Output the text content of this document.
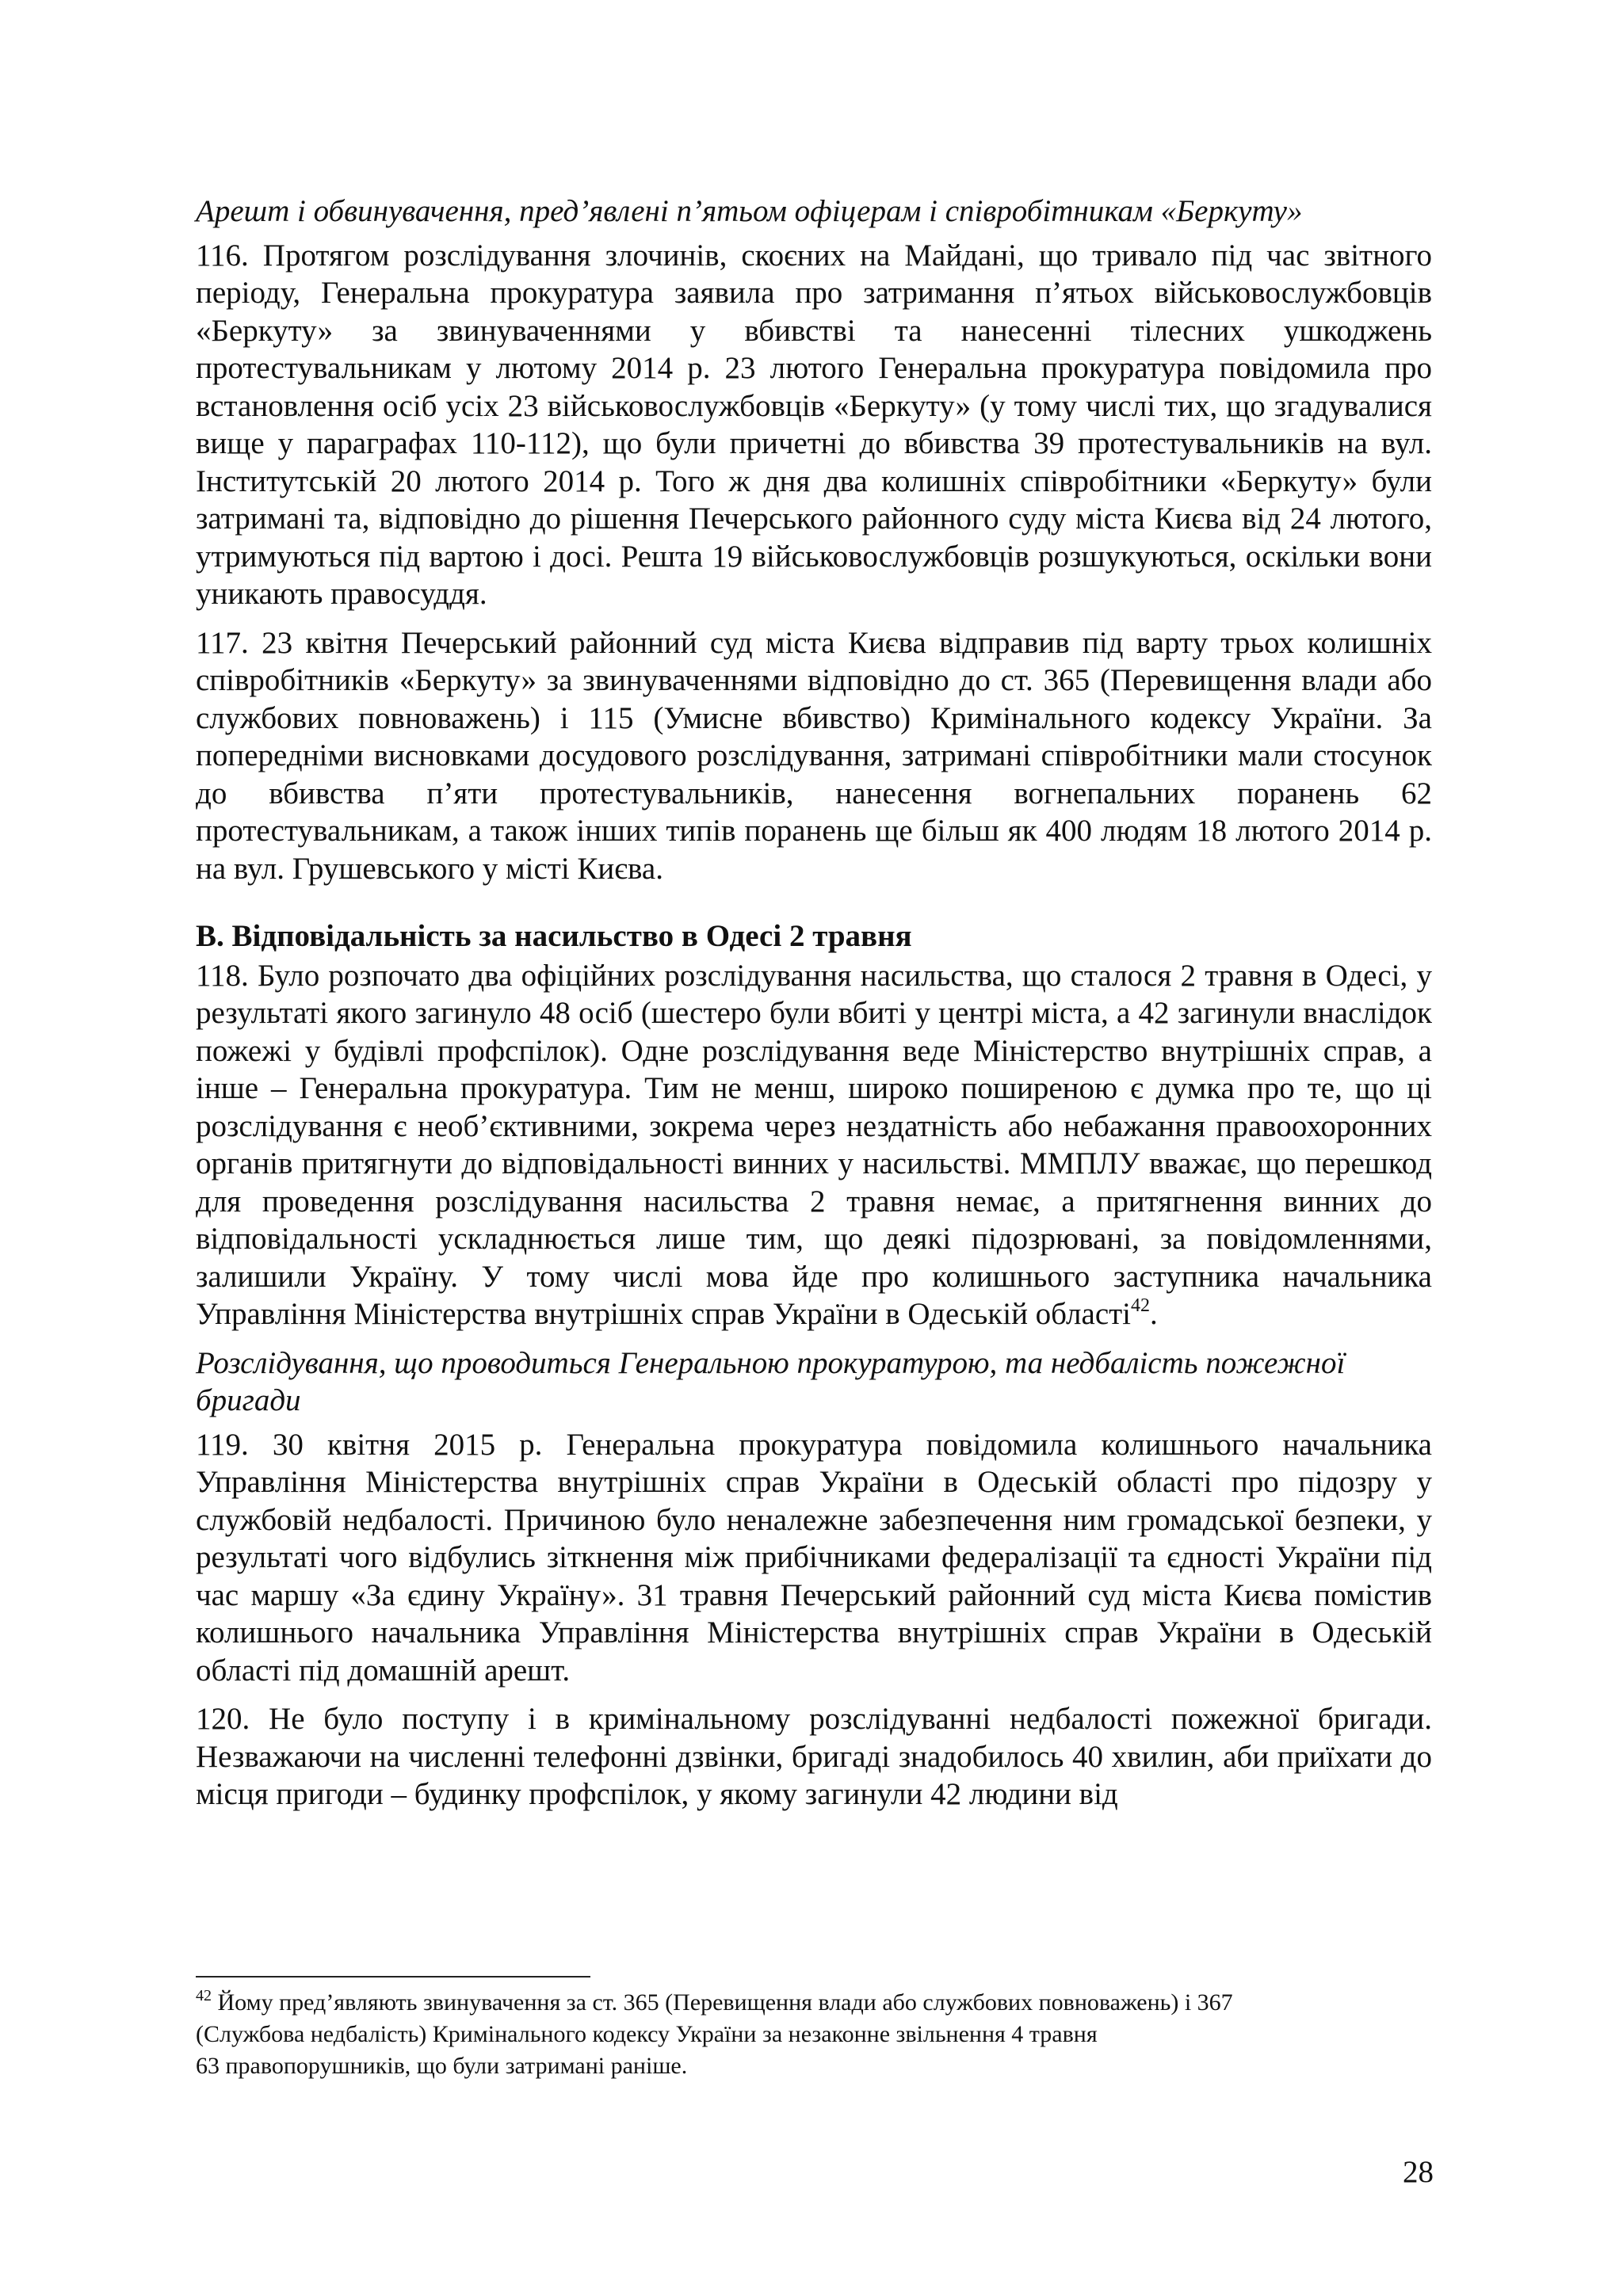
Арешт і обвинувачення, пред’явлені п’ятьом офіцерам і співробітникам «Беркуту»

116. Протягом розслідування злочинів, скоєних на Майдані, що тривало під час звітного періоду, Генеральна прокуратура заявила про затримання п’ятьох військовослужбовців «Беркуту» за звинуваченнями у вбивстві та нанесенні тілесних ушкоджень протестувальникам у лютому 2014 р. 23 лютого Генеральна прокуратура повідомила про встановлення осіб усіх 23 військовослужбовців «Беркуту» (у тому числі тих, що згадувалися вище у параграфах 110-112), що були причетні до вбивства 39 протестувальників на вул. Інститутській 20 лютого 2014 р. Того ж дня два колишніх співробітники «Беркуту» були затримані та, відповідно до рішення Печерського районного суду міста Києва від 24 лютого, утримуються під вартою і досі. Решта 19 військовослужбовців розшукуються, оскільки вони уникають правосуддя.

117. 23 квітня Печерський районний суд міста Києва відправив під варту трьох колишніх співробітників «Беркуту» за звинуваченнями відповідно до ст. 365 (Перевищення влади або службових повноважень) і 115 (Умисне вбивство) Кримінального кодексу України. За попередніми висновками досудового розслідування, затримані співробітники мали стосунок до вбивства п’яти протестувальників, нанесення вогнепальних поранень 62 протестувальникам, а також інших типів поранень ще більш як 400 людям 18 лютого 2014 р. на вул. Грушевського у місті Києва.

B. Відповідальність за насильство в Одесі 2 травня

118. Було розпочато два офіційних розслідування насильства, що сталося 2 травня в Одесі, у результаті якого загинуло 48 осіб (шестеро були вбиті у центрі міста, а 42 загинули внаслідок пожежі у будівлі профспілок). Одне розслідування веде Міністерство внутрішніх справ, а інше – Генеральна прокуратура. Тим не менш, широко поширеною є думка про те, що ці розслідування є необ’єктивними, зокрема через нездатність або небажання правоохоронних органів притягнути до відповідальності винних у насильстві. ММПЛУ вважає, що перешкод для проведення розслідування насильства 2 травня немає, а притягнення винних до відповідальності ускладнюється лише тим, що деякі підозрювані, за повідомленнями, залишили Україну. У тому числі мова йде про колишнього заступника начальника Управління Міністерства внутрішніх справ України в Одеській області$^{42}$.

Розслідування, що проводиться Генеральною прокуратурою, та недбалість пожежної бригади

119. 30 квітня 2015 р. Генеральна прокуратура повідомила колишнього начальника Управління Міністерства внутрішніх справ України в Одеській області про підозру у службовій недбалості. Причиною було неналежне забезпечення ним громадської безпеки, у результаті чого відбулись зіткнення між прибічниками федералізації та єдності України під час маршу «За єдину Україну». 31 травня Печерський районний суд міста Києва помістив колишнього начальника Управління Міністерства внутрішніх справ України в Одеській області під домашній арешт.

120. Не було поступу і в кримінальному розслідуванні недбалості пожежної бригади. Незважаючи на численні телефонні дзвінки, бригаді знадобилось 40 хвилин, аби приїхати до місця пригоди – будинку профспілок, у якому загинули 42 людини від

$^{42}$ Йому пред’являють звинувачення за ст. 365 (Перевищення влади або службових повноважень) і 367
(Службова недбалість) Кримінального кодексу України за незаконне звільнення 4 травня
63 правопорушників, що були затримані раніше.
28
